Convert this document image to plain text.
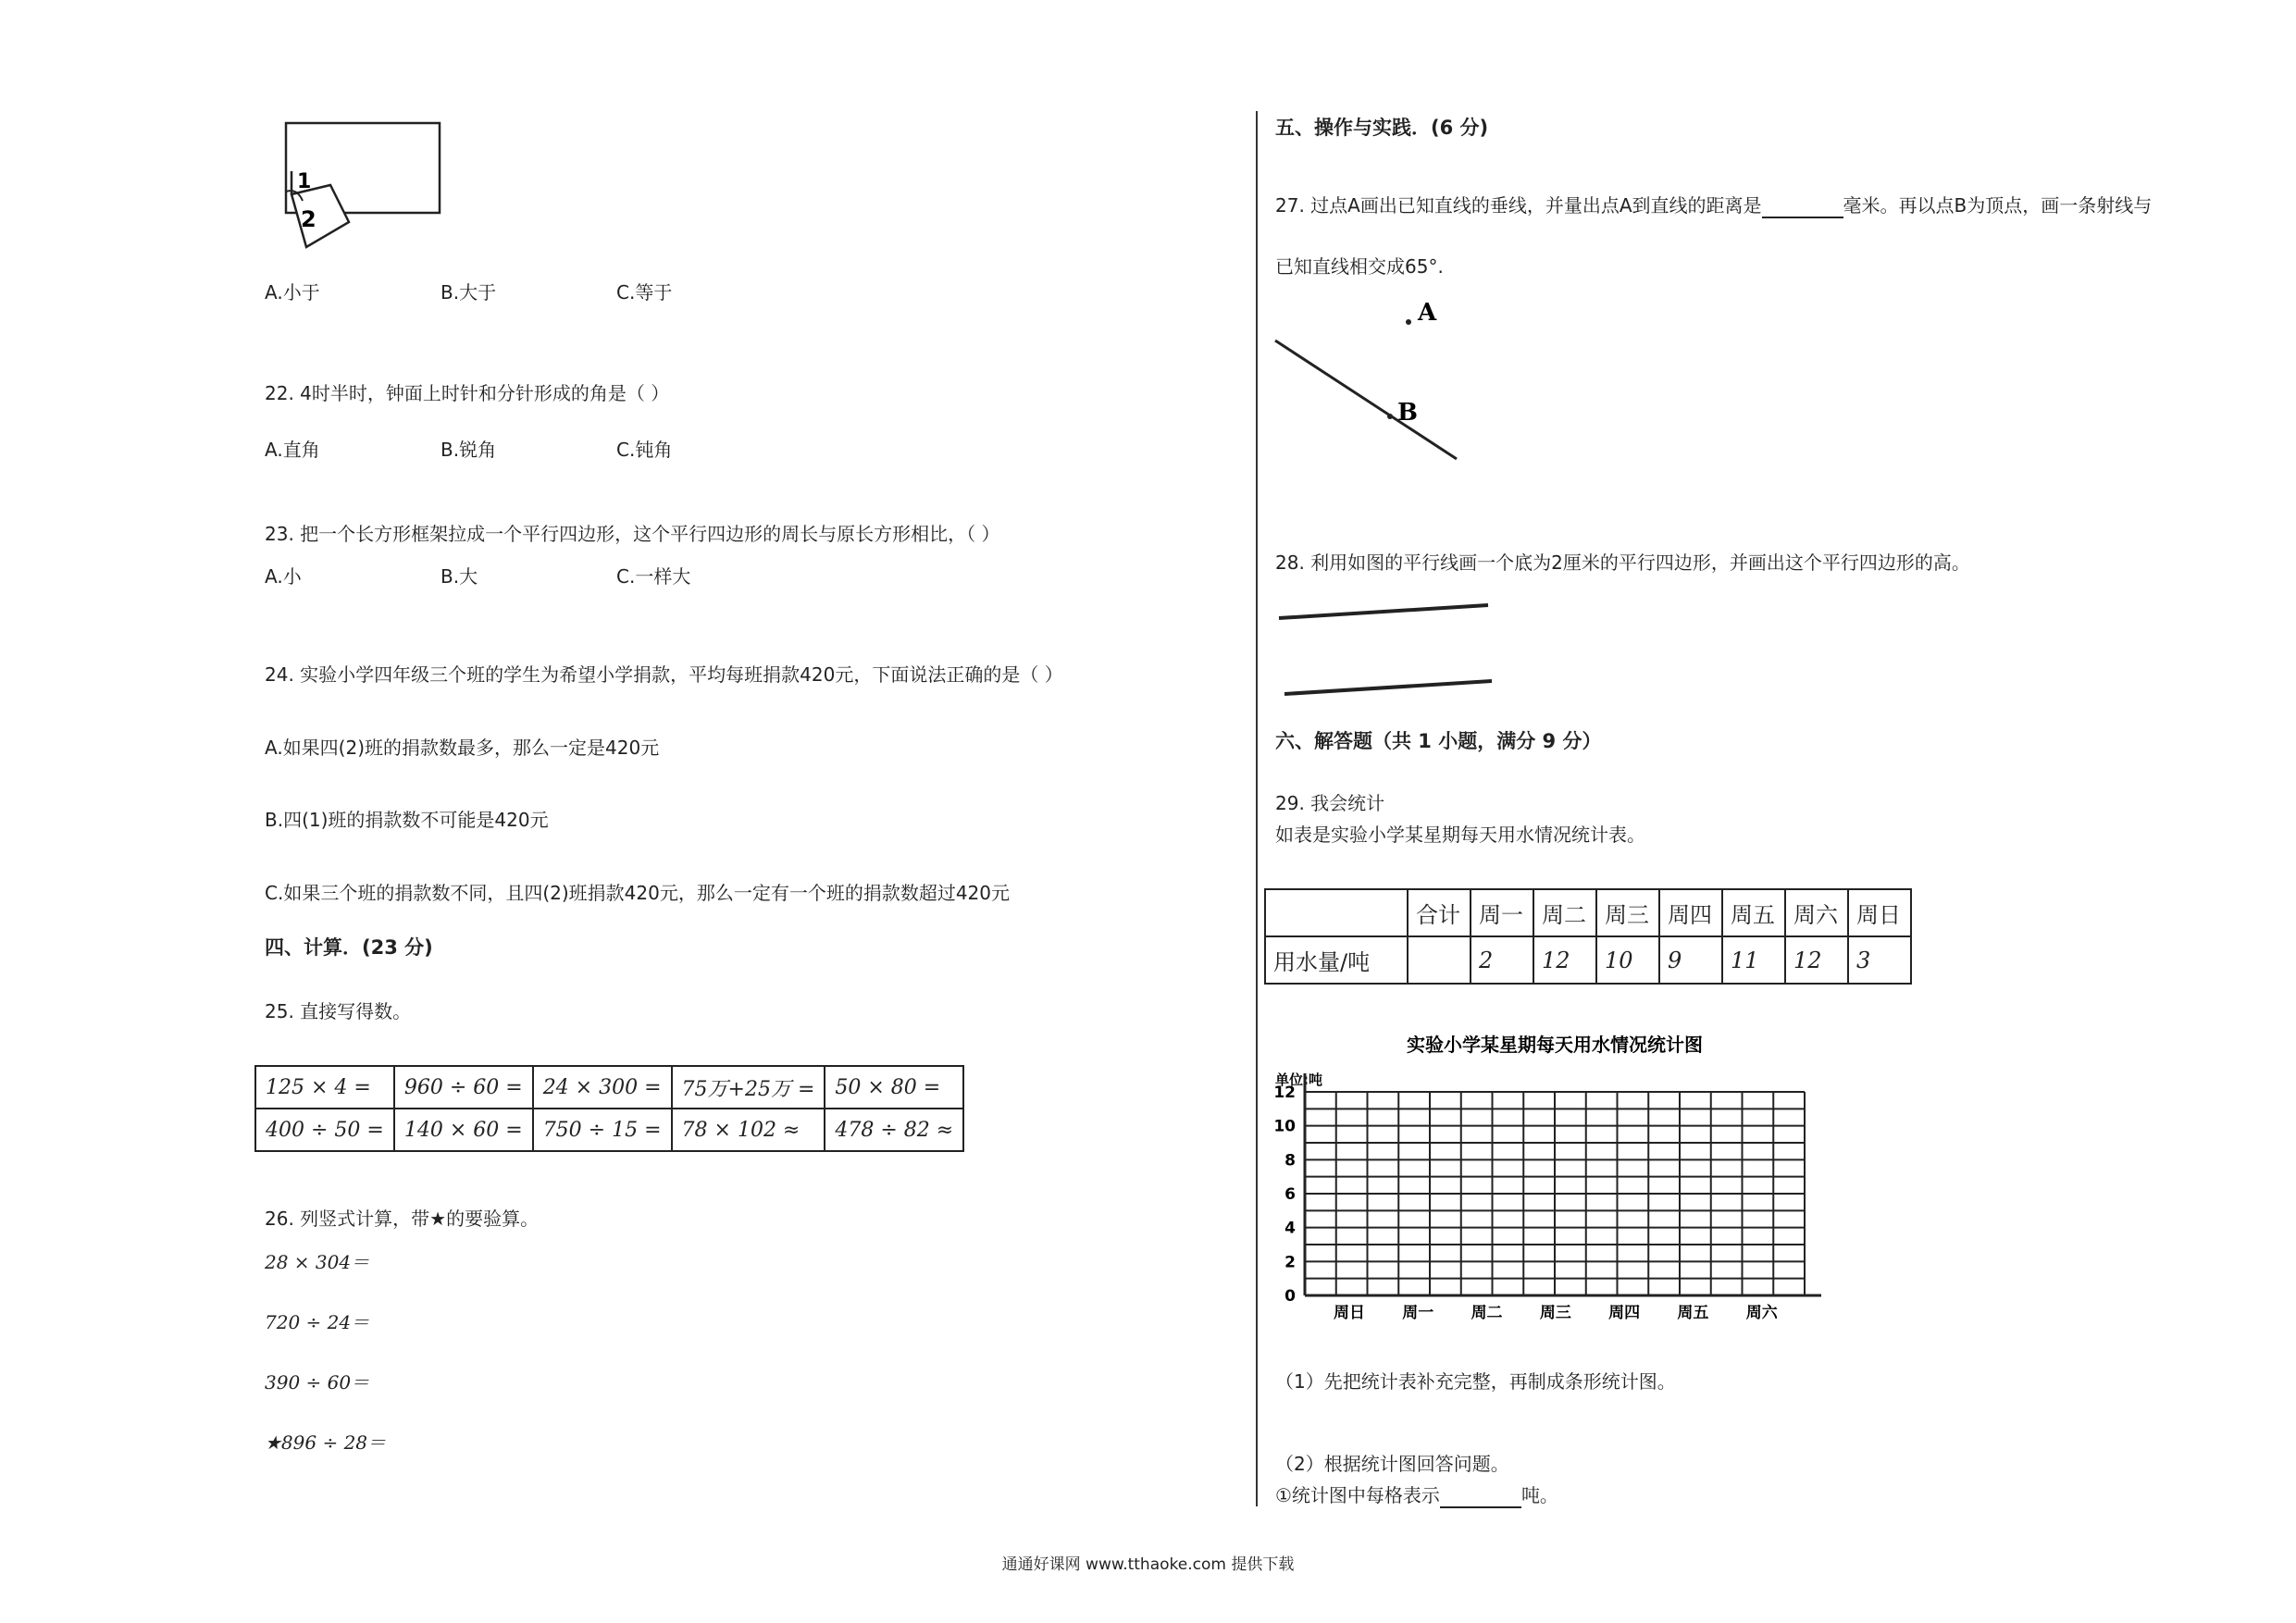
1
2
A.小于	B.大于	C.等于
22. 4时半时，钟面上时针和分针形成的角是（ ）
A.直角	B.锐角	C.钝角
23. 把一个长方形框架拉成一个平行四边形，这个平行四边形的周长与原长方形相比，（ ）
A.小	B.大	C.一样大
24. 实验小学四年级三个班的学生为希望小学捐款，平均每班捐款420元，下面说法正确的是（ ）
A.如果四(2)班的捐款数最多，那么一定是420元
B.四(1)班的捐款数不可能是420元
C.如果三个班的捐款数不同，且四(2)班捐款420元，那么一定有一个班的捐款数超过420元
四、计算．(23 分)
25. 直接写得数。
125 × 4 =	960 ÷ 60 =	24 × 300 =	75万+25万 =	50 × 80 =
400 ÷ 50 =	140 × 60 =	750 ÷ 15 =	78 × 102 ≈	478 ÷ 82 ≈
26. 列竖式计算，带★的要验算。
28 × 304＝
720 ÷ 24＝
390 ÷ 60＝
★896 ÷ 28＝
五、操作与实践．(6 分)
27. 过点A画出已知直线的垂线，并量出点A到直线的距离是	毫米。再以点B为顶点，画一条射线与
已知直线相交成65°.
A
B
28. 利用如图的平行线画一个底为2厘米的平行四边形，并画出这个平行四边形的高。
六、解答题（共 1 小题，满分 9 分）
29. 我会统计
如表是实验小学某星期每天用水情况统计表。
	合计	周一	周二	周三	周四	周五	周六	周日
用水量/吨		2	12	10	9	11	12	3
实验小学某星期每天用水情况统计图
单位:吨
0
2
4
6
8
10
12
周日 周一 周二 周三 周四 周五 周六
（1）先把统计表补充完整，再制成条形统计图。
（2）根据统计图回答问题。
①统计图中每格表示	吨。
通通好课网 www.tthaoke.com 提供下载
